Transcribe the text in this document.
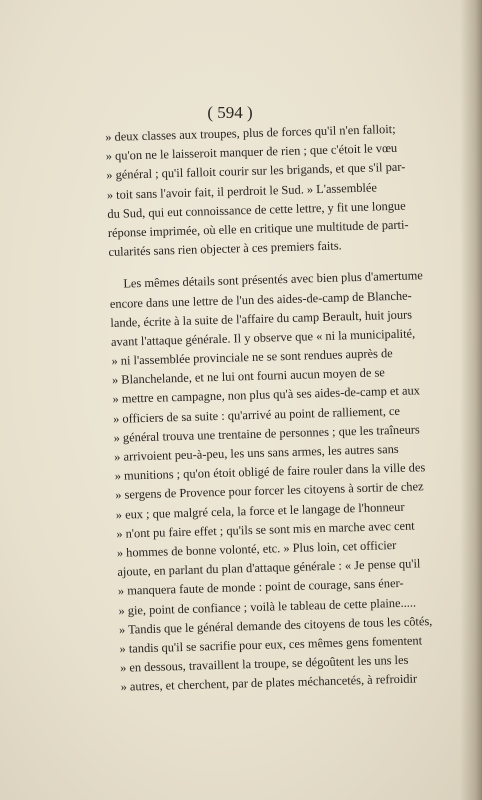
( 594 )
» deux classes aux troupes, plus de forces qu'il n'en falloit;
» qu'on ne le laisseroit manquer de rien ; que c'étoit le vœu
» général ; qu'il falloit courir sur les brigands, et que s'il par-
» toit sans l'avoir fait, il perdroit le Sud. » L'assemblée
du Sud, qui eut connoissance de cette lettre, y fit une longue
réponse imprimée, où elle en critique une multitude de parti-
cularités sans rien objecter à ces premiers faits.
Les mêmes détails sont présentés avec bien plus d'amertume
encore dans une lettre de l'un des aides-de-camp de Blanche-
lande, écrite à la suite de l'affaire du camp Berault, huit jours
avant l'attaque générale. Il y observe que « ni la municipalité,
» ni l'assemblée provinciale ne se sont rendues auprès de
» Blanchelande, et ne lui ont fourni aucun moyen de se
» mettre en campagne, non plus qu'à ses aides-de-camp et aux
» officiers de sa suite : qu'arrivé au point de ralliement, ce
» général trouva une trentaine de personnes ; que les traîneurs
» arrivoient peu-à-peu, les uns sans armes, les autres sans
» munitions ; qu'on étoit obligé de faire rouler dans la ville des
» sergens de Provence pour forcer les citoyens à sortir de chez
» eux ; que malgré cela, la force et le langage de l'honneur
» n'ont pu faire effet ; qu'ils se sont mis en marche avec cent
» hommes de bonne volonté, etc. » Plus loin, cet officier
ajoute, en parlant du plan d'attaque générale : « Je pense qu'il
» manquera faute de monde : point de courage, sans éner-
» gie, point de confiance ; voilà le tableau de cette plaine.....
» Tandis que le général demande des citoyens de tous les côtés,
» tandis qu'il se sacrifie pour eux, ces mêmes gens fomentent
» en dessous, travaillent la troupe, se dégoûtent les uns les
» autres, et cherchent, par de plates méchancetés, à refroidir
